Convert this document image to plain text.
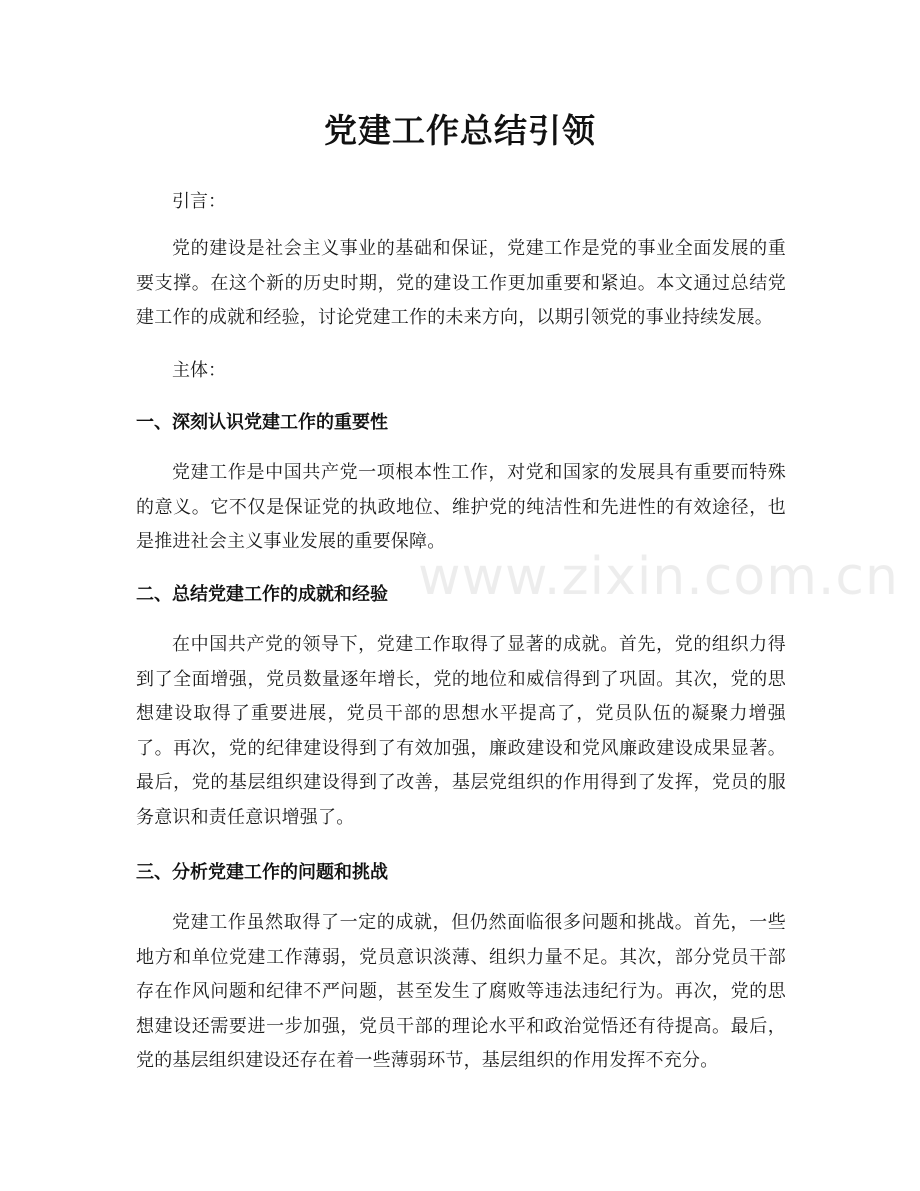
党建工作总结引领
引言：
党的建设是社会主义事业的基础和保证，党建工作是党的事业全面发展的重要支撑。在这个新的历史时期，党的建设工作更加重要和紧迫。本文通过总结党建工作的成就和经验，讨论党建工作的未来方向，以期引领党的事业持续发展。
主体：
一、深刻认识党建工作的重要性
党建工作是中国共产党一项根本性工作，对党和国家的发展具有重要而特殊的意义。它不仅是保证党的执政地位、维护党的纯洁性和先进性的有效途径，也是推进社会主义事业发展的重要保障。
二、总结党建工作的成就和经验
在中国共产党的领导下，党建工作取得了显著的成就。首先，党的组织力得到了全面增强，党员数量逐年增长，党的地位和威信得到了巩固。其次，党的思想建设取得了重要进展，党员干部的思想水平提高了，党员队伍的凝聚力增强了。再次，党的纪律建设得到了有效加强，廉政建设和党风廉政建设成果显著。最后，党的基层组织建设得到了改善，基层党组织的作用得到了发挥，党员的服务意识和责任意识增强了。
三、分析党建工作的问题和挑战
党建工作虽然取得了一定的成就，但仍然面临很多问题和挑战。首先，一些地方和单位党建工作薄弱，党员意识淡薄、组织力量不足。其次，部分党员干部存在作风问题和纪律不严问题，甚至发生了腐败等违法违纪行为。再次，党的思想建设还需要进一步加强，党员干部的理论水平和政治觉悟还有待提高。最后，党的基层组织建设还存在着一些薄弱环节，基层组织的作用发挥不充分。
www.zixin.com.cn
